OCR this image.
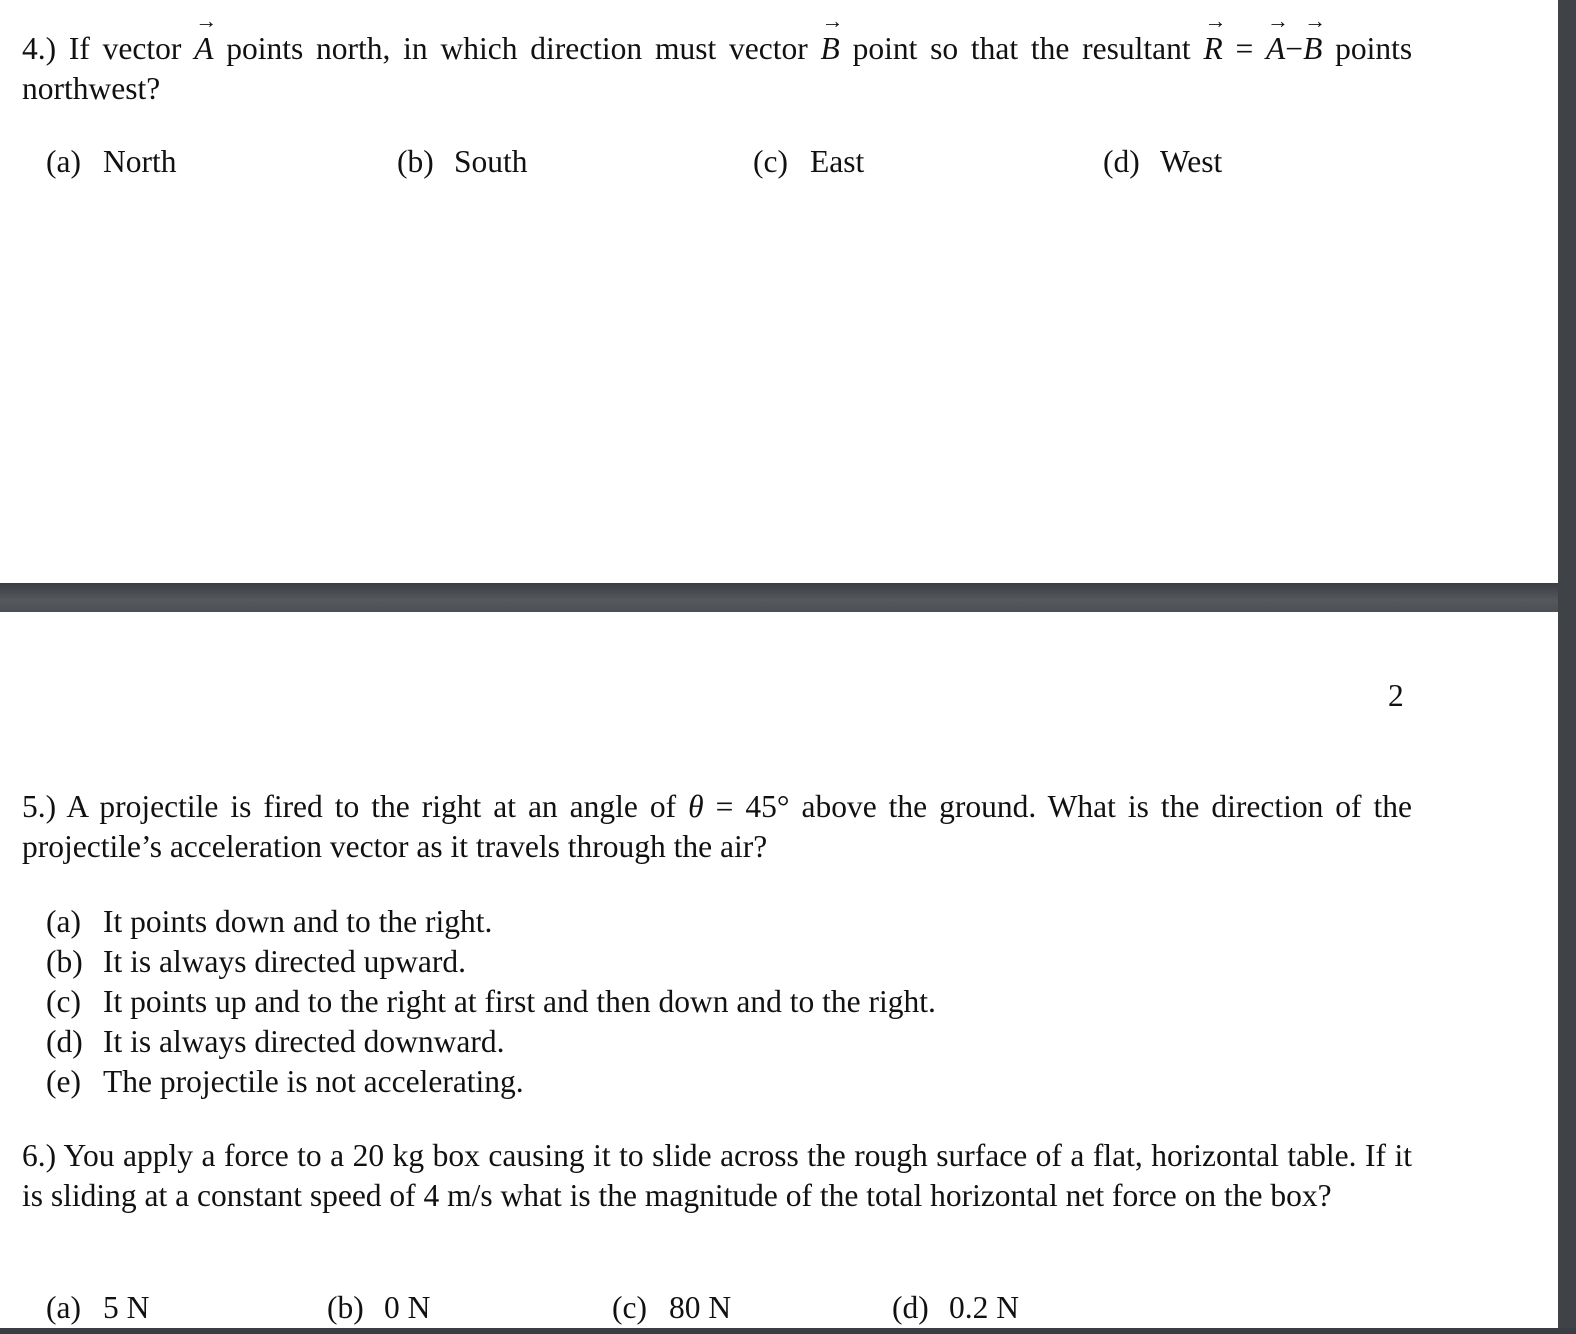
4.) If vector
→
A points north, in which direction must vector
→
B point so that the resultant
→
R =
→
A−
→
B points northwest?

(a) North	(b) South	(c) East	(d) West
2

5.) A projectile is fired to the right at an angle of θ = 45° above the ground. What is the direction of the projectile’s acceleration vector as it travels through the air?

(a) It points down and to the right.
(b) It is always directed upward.
(c) It points up and to the right at first and then down and to the right.
(d) It is always directed downward.
(e) The projectile is not accelerating.

6.) You apply a force to a 20 kg box causing it to slide across the rough surface of a flat, horizontal table. If it is sliding at a constant speed of 4 m/s what is the magnitude of the total horizontal net force on the box?

(a) 5 N	(b) 0 N	(c) 80 N	(d) 0.2 N
